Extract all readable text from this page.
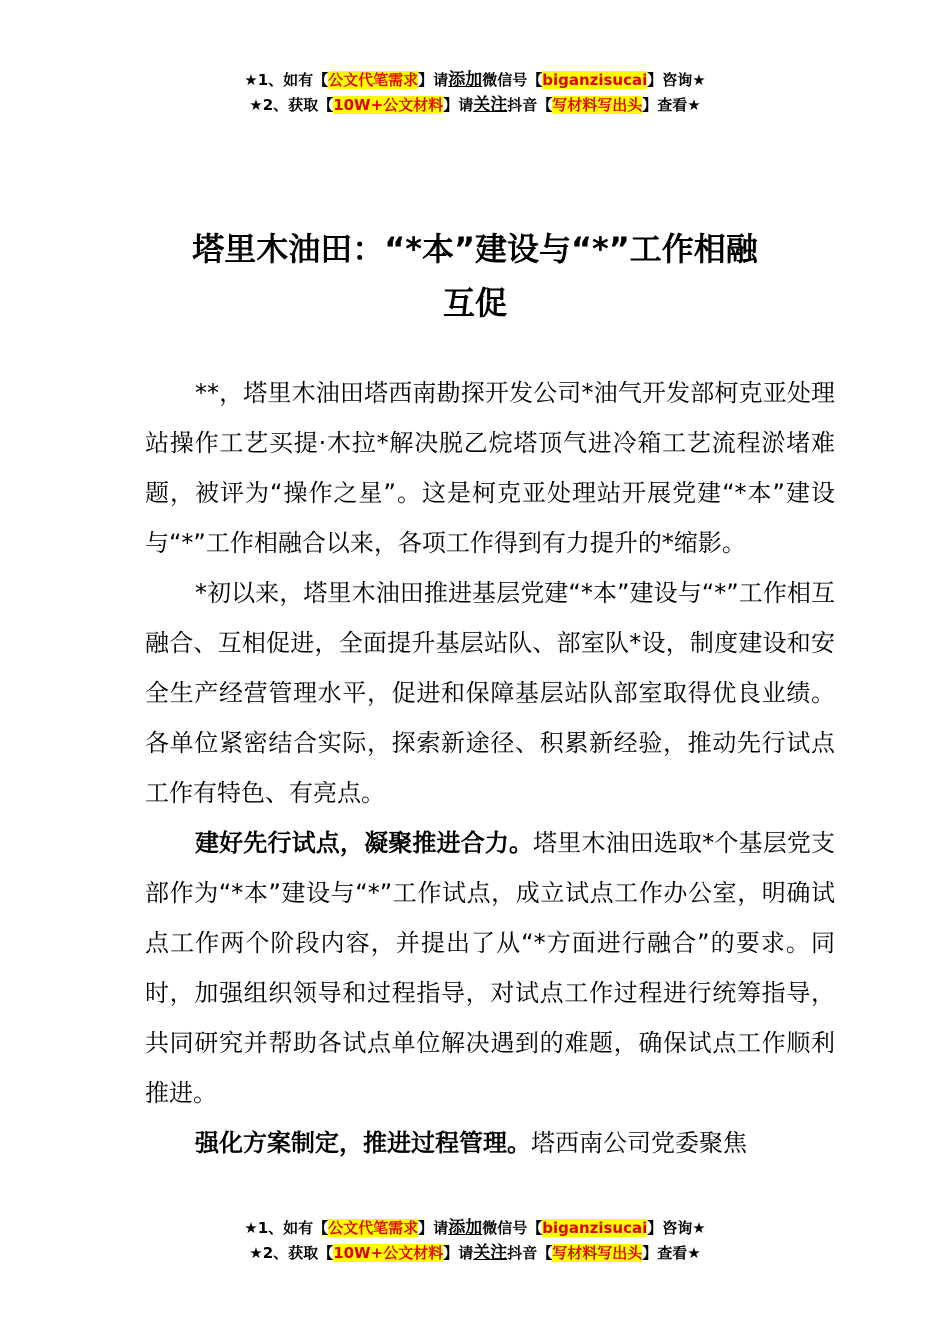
★1、如有【公文代笔需求】请添加微信号【biganzisucai】咨询★
★2、获取【10W+公文材料】请关注抖音【写材料写出头】查看★
塔里木油田：“*本”建设与“*”工作相融
互促

**，塔里木油田塔西南勘探开发公司*油气开发部柯克亚处理站操作工艺买提·木拉*解决脱乙烷塔顶气进冷箱工艺流程淤堵难题，被评为“操作之星”。这是柯克亚处理站开展党建“*本”建设与“*”工作相融合以来，各项工作得到有力提升的*缩影。

*初以来，塔里木油田推进基层党建“*本”建设与“*”工作相互融合、互相促进，全面提升基层站队、部室队*设，制度建设和安全生产经营管理水平，促进和保障基层站队部室取得优良业绩。各单位紧密结合实际，探索新途径、积累新经验，推动先行试点工作有特色、有亮点。

建好先行试点，凝聚推进合力。塔里木油田选取*个基层党支部作为“*本”建设与“*”工作试点，成立试点工作办公室，明确试点工作两个阶段内容，并提出了从“*方面进行融合”的要求。同时，加强组织领导和过程指导，对试点工作过程进行统筹指导，共同研究并帮助各试点单位解决遇到的难题，确保试点工作顺利推进。

强化方案制定，推进过程管理。塔西南公司党委聚焦

★1、如有【公文代笔需求】请添加微信号【biganzisucai】咨询★
★2、获取【10W+公文材料】请关注抖音【写材料写出头】查看★
